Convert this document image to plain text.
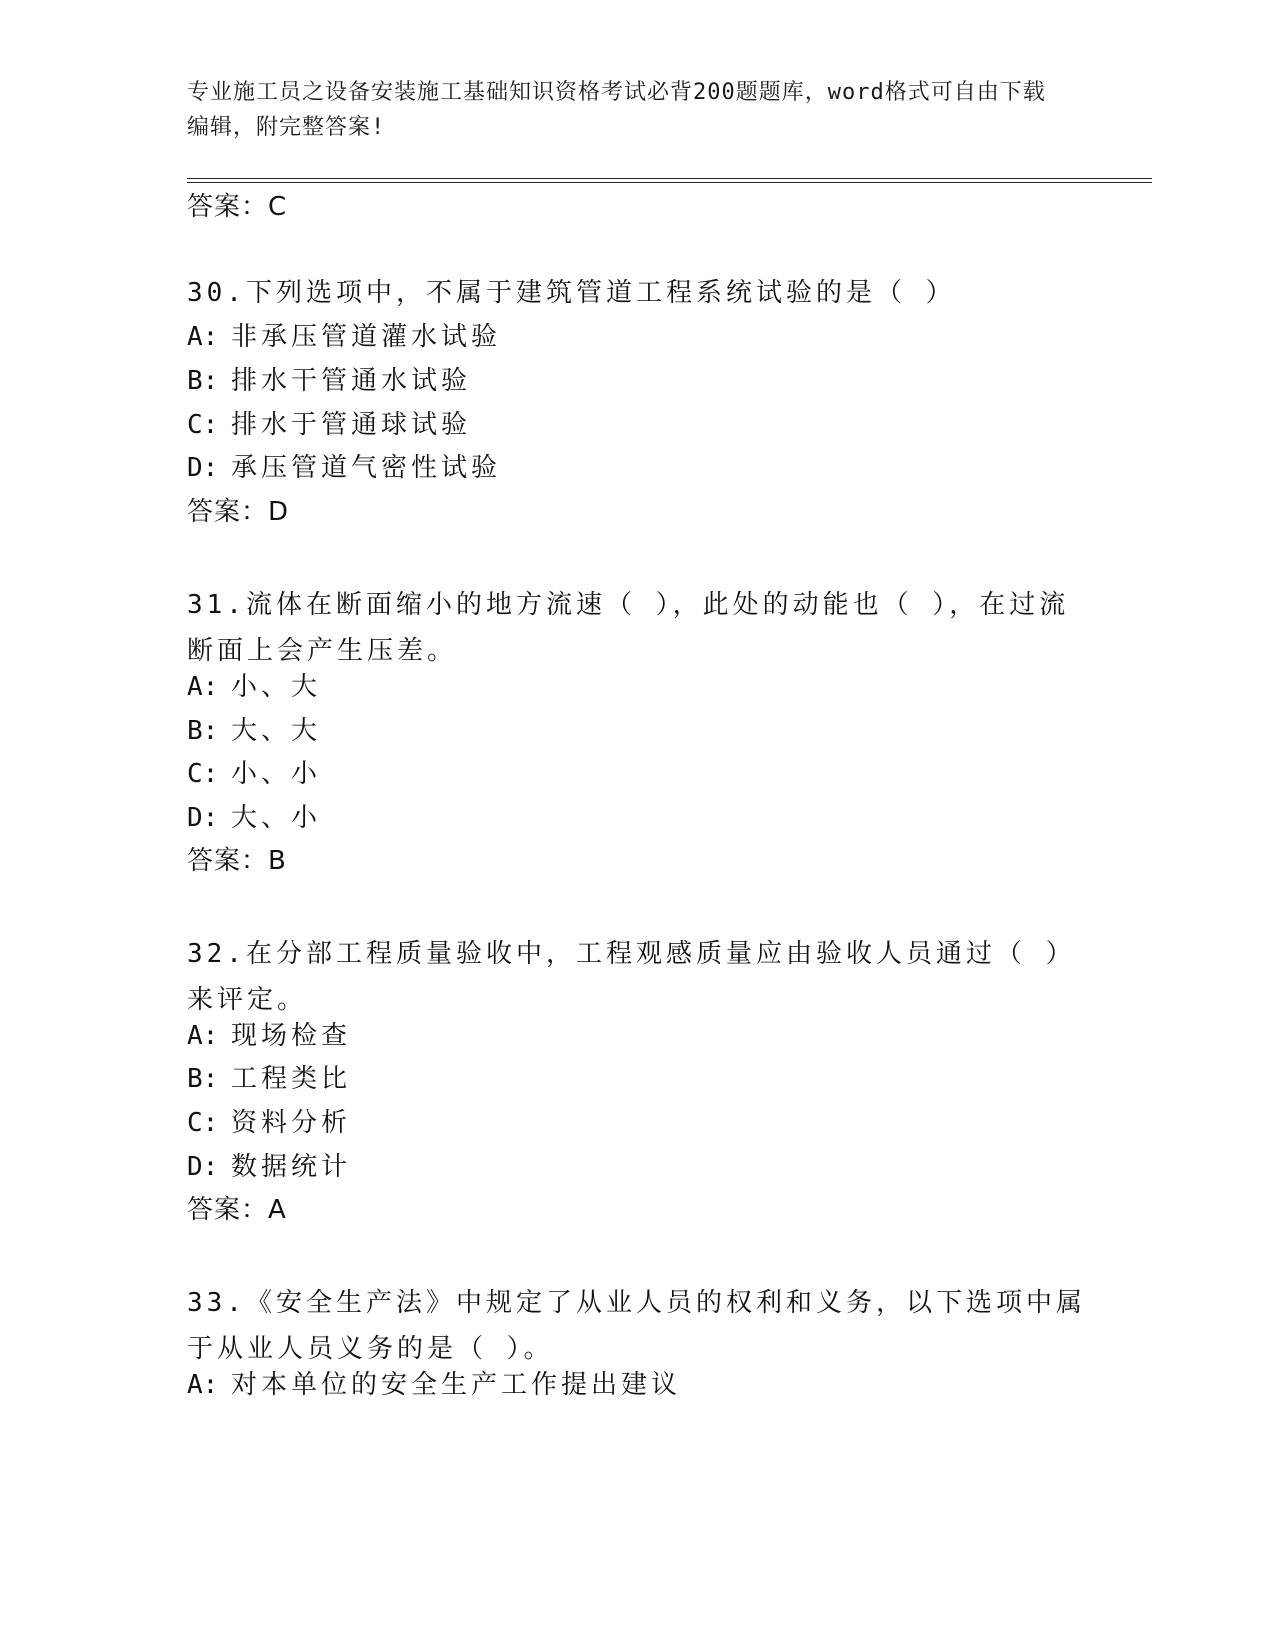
专业施工员之设备安装施工基础知识资格考试必背200题题库，word格式可自由下载编辑，附完整答案!
答案：C
30.下列选项中，不属于建筑管道工程系统试验的是（ ）
A: 非承压管道灌水试验
B: 排水干管通水试验
C: 排水于管通球试验
D: 承压管道气密性试验
答案：D
31.流体在断面缩小的地方流速（ ），此处的动能也（ ），在过流断面上会产生压差。
A: 小、大
B: 大、大
C: 小、小
D: 大、小
答案：B
32.在分部工程质量验收中，工程观感质量应由验收人员通过（ ）来评定。
A: 现场检查
B: 工程类比
C: 资料分析
D: 数据统计
答案：A
33.《安全生产法》中规定了从业人员的权利和义务，以下选项中属于从业人员义务的是（ ）。
A: 对本单位的安全生产工作提出建议
